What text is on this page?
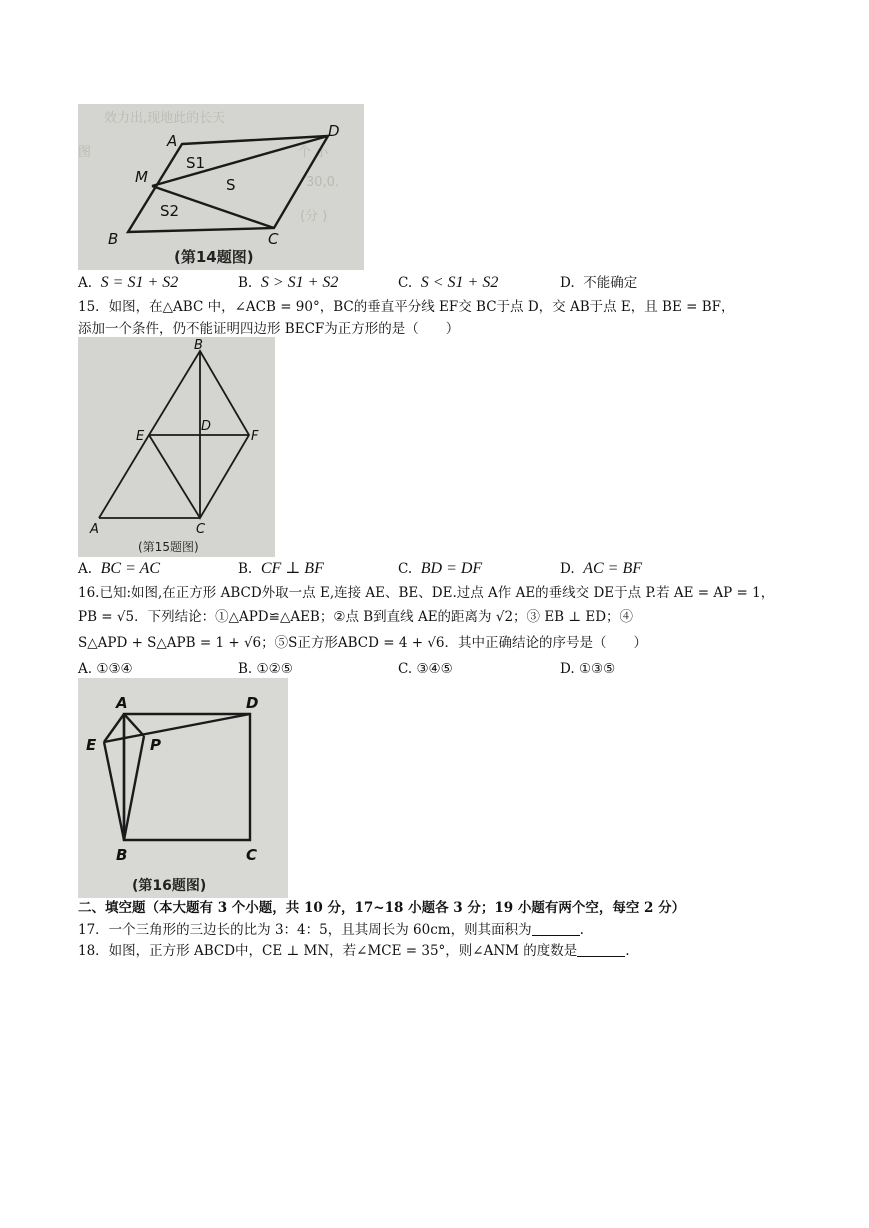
效力出,现地此的长天
图	个 小
30,0.
(分 )
A
D
M
B	C
S1
S
S2
(第14题图)
A. S = S1 + S2	B. S > S1 + S2	C. S < S1 + S2	D. 不能确定
15．如图，在△ABC 中，∠ACB = 90°，BC的垂直平分线 EF交 BC于点 D，交 AB于点 E，且 BE = BF，
添加一个条件，仍不能证明四边形 BECF为正方形的是（　　）
B
E
D
F
A	C
(第15题图)
A. BC = AC	B. CF ⊥ BF	C. BD = DF	D. AC = BF
16.已知:如图,在正方形 ABCD外取一点 E,连接 AE、BE、DE.过点 A作 AE的垂线交 DE于点 P.若 AE = AP = 1，
PB = √5．下列结论：①△APD≌△AEB；②点 B到直线 AE的距离为 √2；③ EB ⊥ ED；④
S△APD + S△APB = 1 + √6；⑤S正方形ABCD = 4 + √6．其中正确结论的序号是（　　）
A. ①③④	B. ①②⑤	C. ③④⑤	D. ①③⑤
A	D
E	P
B	C
(第16题图)
二、填空题（本大题有 3 个小题，共 10 分，17~18 小题各 3 分；19 小题有两个空，每空 2 分）
17．一个三角形的三边长的比为 3：4：5，且其周长为 60cm，则其面积为	.
18．如图，正方形 ABCD中，CE ⊥ MN，若∠MCE = 35°，则∠ANM 的度数是	.
